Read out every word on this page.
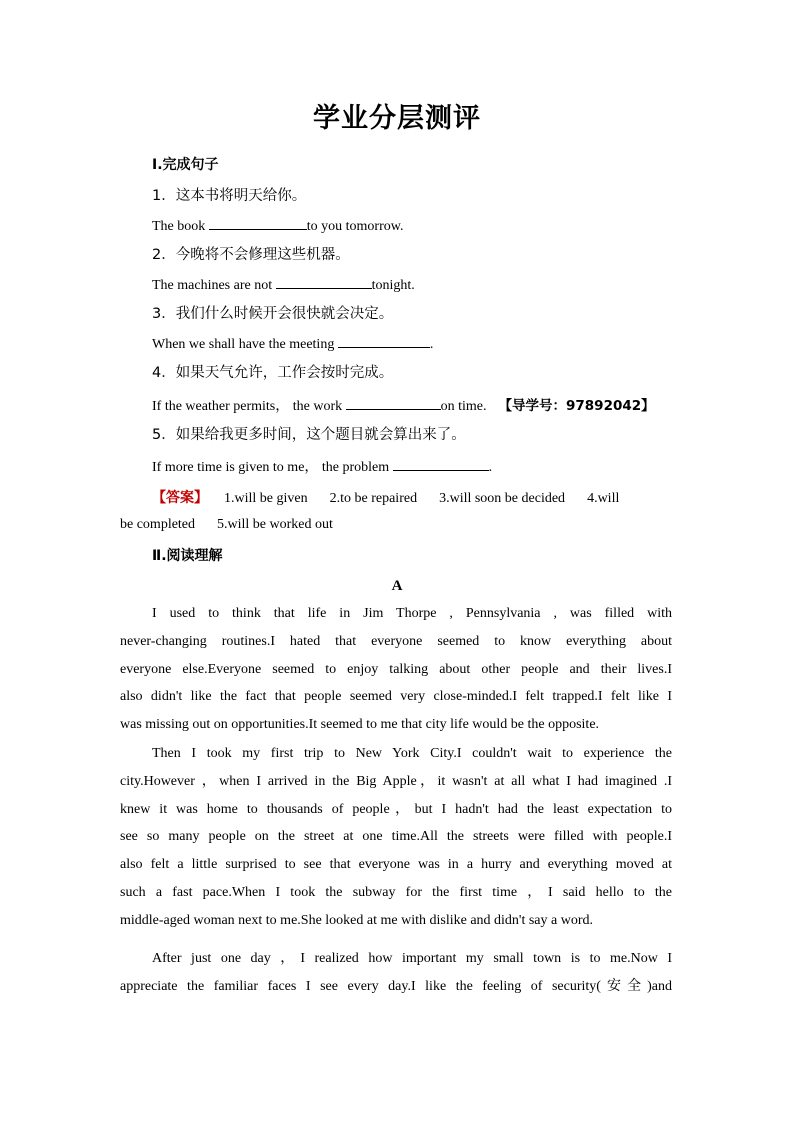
学业分层测评
Ⅰ.完成句子
1．这本书将明天给你。
The book	to you tomorrow.
2．今晚将不会修理这些机器。
The machines are not	tonight.
3．我们什么时候开会很快就会决定。
When we shall have the meeting	.
4．如果天气允许，工作会按时完成。
If the weather permits， the work	on time. 【导学号：97892042】
5．如果给我更多时间，这个题目就会算出来了。
If more time is given to me， the problem	.
【答案】 1.will be given 2.to be repaired 3.will soon be decided 4.will
be completed 5.will be worked out
Ⅱ.阅读理解
A
I used to think that life in Jim Thorpe , Pennsylvania , was filled with
never-changing routines.I hated that everyone seemed to know everything about
everyone else.Everyone seemed to enjoy talking about other people and their lives.I
also didn't like the fact that people seemed very close-minded.I felt trapped.I felt like I
was missing out on opportunities.It seemed to me that city life would be the opposite.
Then I took my first trip to New York City.I couldn't wait to experience the
city.However ，when I arrived in the Big Apple，it wasn't at all what I had imagined .I
knew it was home to thousands of people，but I hadn't had the least expectation to
see so many people on the street at one time.All the streets were filled with people.I
also felt a little surprised to see that everyone was in a hurry and everything moved at
such a fast pace.When I took the subway for the first time ，I said hello to the
middle-aged woman next to me.She looked at me with dislike and didn't say a word.
After just one day ，I realized how important my small town is to me.Now I
appreciate the familiar faces I see every day.I like the feeling of security(安全)and
